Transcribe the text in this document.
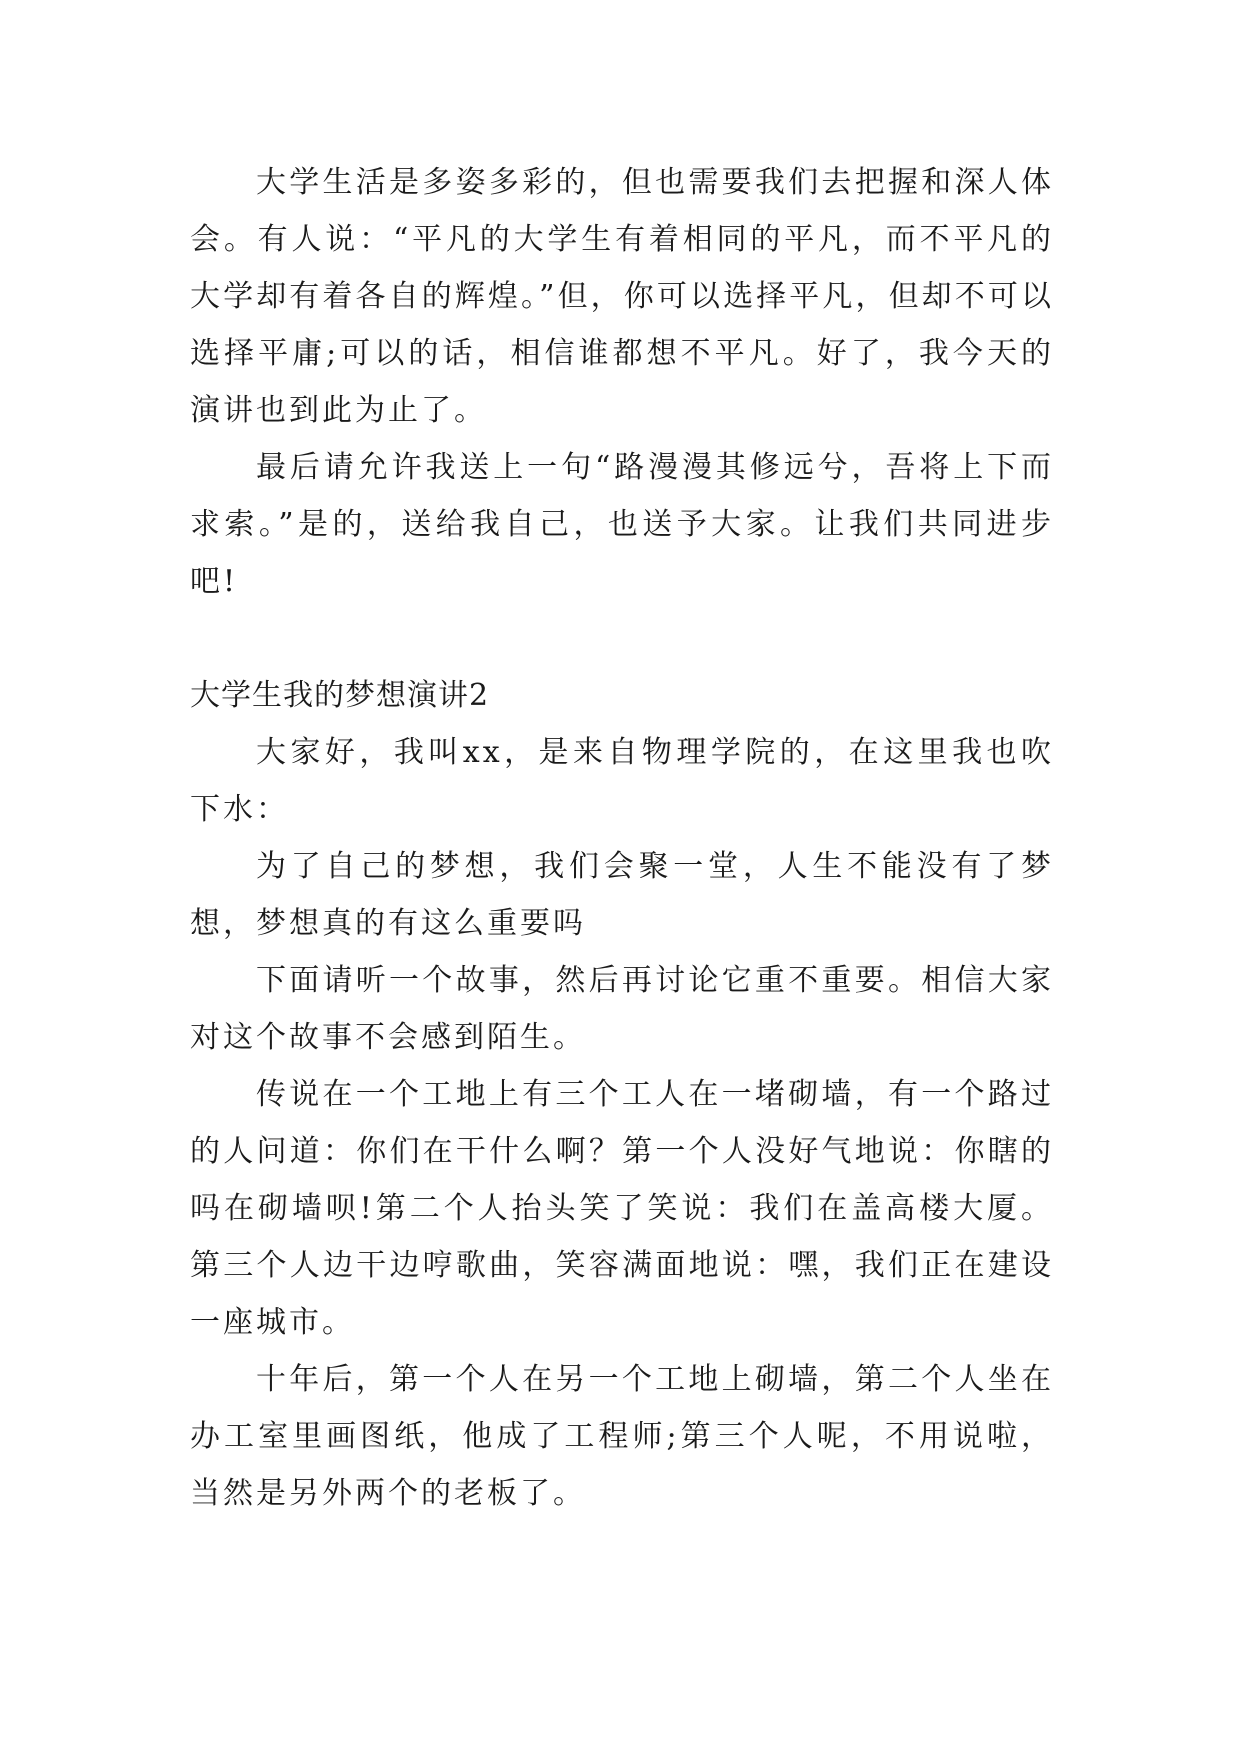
大学生活是多姿多彩的，但也需要我们去把握和深人体会。有人说：“平凡的大学生有着相同的平凡，而不平凡的大学却有着各自的辉煌。”但，你可以选择平凡，但却不可以选择平庸;可以的话，相信谁都想不平凡。好了，我今天的演讲也到此为止了。

最后请允许我送上一句“路漫漫其修远兮，吾将上下而求索。”是的，送给我自己，也送予大家。让我们共同进步吧!

大学生我的梦想演讲2

大家好，我叫xx，是来自物理学院的，在这里我也吹下水：

为了自己的梦想，我们会聚一堂，人生不能没有了梦想，梦想真的有这么重要吗

下面请听一个故事，然后再讨论它重不重要。相信大家对这个故事不会感到陌生。

传说在一个工地上有三个工人在一堵砌墙，有一个路过的人问道：你们在干什么啊？第一个人没好气地说：你瞎的吗在砌墙呗!第二个人抬头笑了笑说：我们在盖高楼大厦。第三个人边干边哼歌曲，笑容满面地说：嘿，我们正在建设一座城市。

十年后，第一个人在另一个工地上砌墙，第二个人坐在办工室里画图纸，他成了工程师;第三个人呢，不用说啦，当然是另外两个的老板了。
